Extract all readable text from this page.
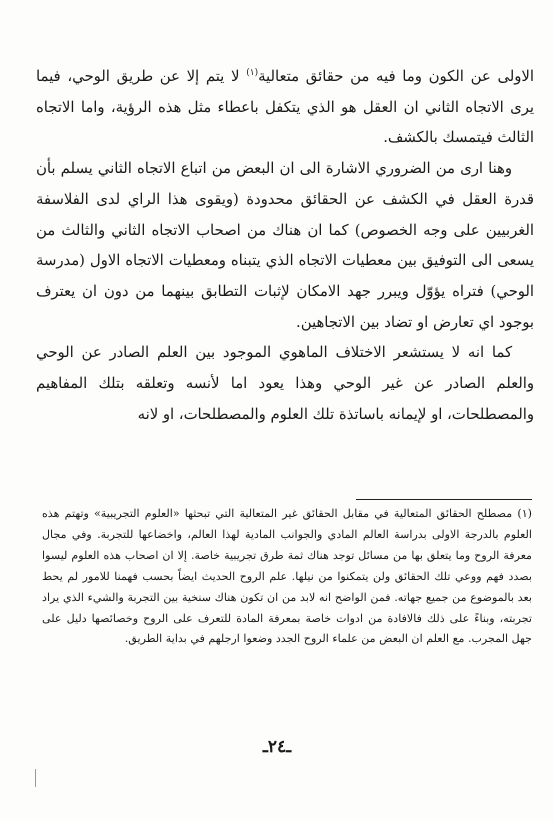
الاولى عن الكون وما فيه من حقائق متعالية$^{(١)}$ لا يتم إلا عن طريق الوحي، فيما يرى الاتجاه الثاني ان العقل هو الذي يتكفل باعطاء مثل هذه الرؤية، واما الاتجاه الثالث فيتمسك بالكشف.

وهنا ارى من الضروري الاشارة الى ان البعض من اتباع الاتجاه الثاني يسلم بأن قدرة العقل في الكشف عن الحقائق محدودة (ويقوى هذا الراي لدى الفلاسفة الغربيين على وجه الخصوص) كما ان هناك من اصحاب الاتجاه الثاني والثالث من يسعى الى التوفيق بين معطيات الاتجاه الذي يتبناه ومعطيات الاتجاه الاول (مدرسة الوحي) فتراه يؤوّل ويبرر جهد الامكان لإثبات التطابق بينهما من دون ان يعترف بوجود اي تعارض او تضاد بين الاتجاهين.

كما انه لا يستشعر الاختلاف الماهوي الموجود بين العلم الصادر عن الوحي والعلم الصادر عن غير الوحي وهذا يعود اما لأنسه وتعلقه بتلك المفاهيم والمصطلحات، او لإيمانه باساتذة تلك العلوم والمصطلحات، او لانه

(١) مصطلح الحقائق المتعالية في مقابل الحقائق غير المتعالية التي تبحثها «العلوم التجريبية» وتهتم هذه العلوم بالدرجة الاولى بدراسة العالم المادي والجوانب المادية لهذا العالم، واخضاعها للتجربة. وفي مجال معرفة الروح وما يتعلق بها من مسائل توجد هناك ثمة طرق تجريبية خاصة. إلا ان اصحاب هذه العلوم ليسوا بصدد فهم ووعي تلك الحقائق ولن يتمكنوا من نيلها. علم الروح الحديث ايضاً بحسب فهمنا للامور لم يحط بعد بالموضوع من جميع جهاته. فمن الواضح انه لابد من ان تكون هناك سنخية بين التجربة والشيء الذي يراد تجربته، وبناءً على ذلك فالافادة من ادوات خاصة بمعرفة المادة للتعرف على الروح وخصائصها دليل على جهل المجرب. مع العلم ان البعض من علماء الروح الجدد وضعوا ارجلهم في بداية الطريق.

ـ٢٤ـ
